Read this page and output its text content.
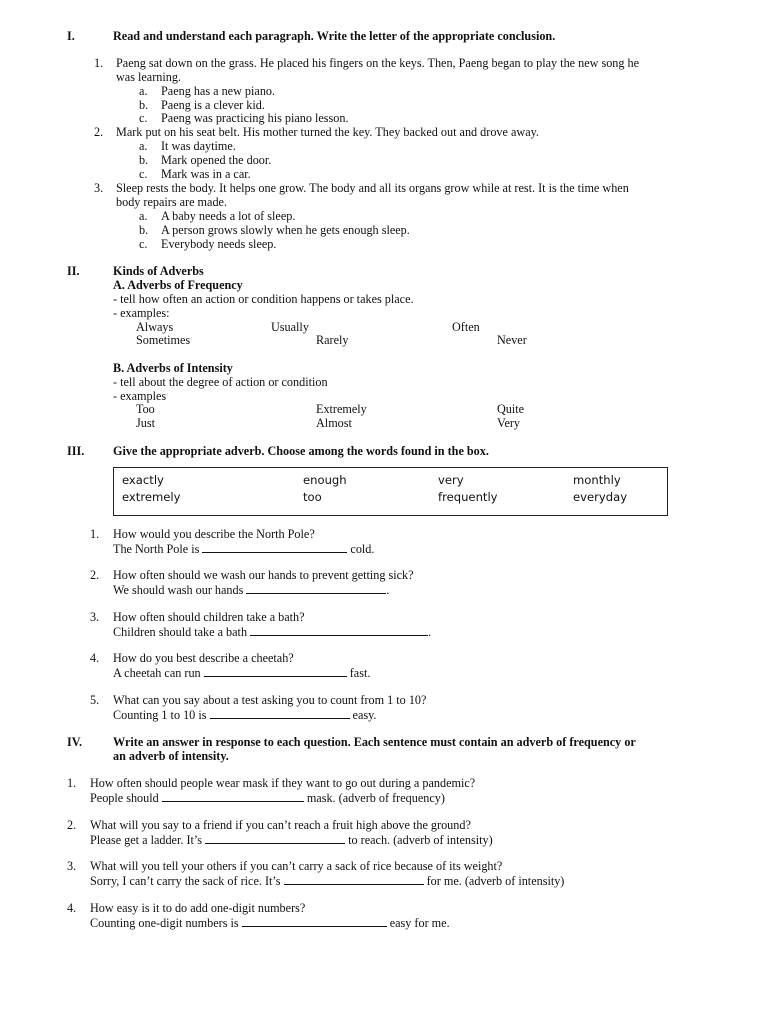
I.	Read and understand each paragraph. Write the letter of the appropriate conclusion.
1. Paeng sat down on the grass. He placed his fingers on the keys. Then, Paeng began to play the new song he
was learning.
a. Paeng has a new piano.
b. Paeng is a clever kid.
c. Paeng was practicing his piano lesson.
2. Mark put on his seat belt. His mother turned the key. They backed out and drove away.
a. It was daytime.
b. Mark opened the door.
c. Mark was in a car.
3. Sleep rests the body. It helps one grow. The body and all its organs grow while at rest. It is the time when
body repairs are made.
a. A baby needs a lot of sleep.
b. A person grows slowly when he gets enough sleep.
c. Everybody needs sleep.
II.	Kinds of Adverbs
A. Adverbs of Frequency
- tell how often an action or condition happens or takes place.
- examples:
Always	Usually	Often
Sometimes	Rarely	Never
B. Adverbs of Intensity
- tell about the degree of action or condition
- examples
Too	Extremely	Quite
Just	Almost	Very
III. Give the appropriate adverb. Choose among the words found in the box.
exactly	enough	very	monthly
extremely	too	frequently	everyday
1. How would you describe the North Pole?
The North Pole is	cold.
2. How often should we wash our hands to prevent getting sick?
We should wash our hands	.
3. How often should children take a bath?
Children should take a bath	.
4. How do you best describe a cheetah?
A cheetah can run	fast.
5. What can you say about a test asking you to count from 1 to 10?
Counting 1 to 10 is	easy.
IV.	Write an answer in response to each question. Each sentence must contain an adverb of frequency or
an adverb of intensity.
1. How often should people wear mask if they want to go out during a pandemic?
People should	mask. (adverb of frequency)
2. What will you say to a friend if you can’t reach a fruit high above the ground?
Please get a ladder. It’s	to reach. (adverb of intensity)
3. What will you tell your others if you can’t carry a sack of rice because of its weight?
Sorry, I can’t carry the sack of rice. It’s	for me. (adverb of intensity)
4. How easy is it to do add one-digit numbers?
Counting one-digit numbers is	easy for me.
